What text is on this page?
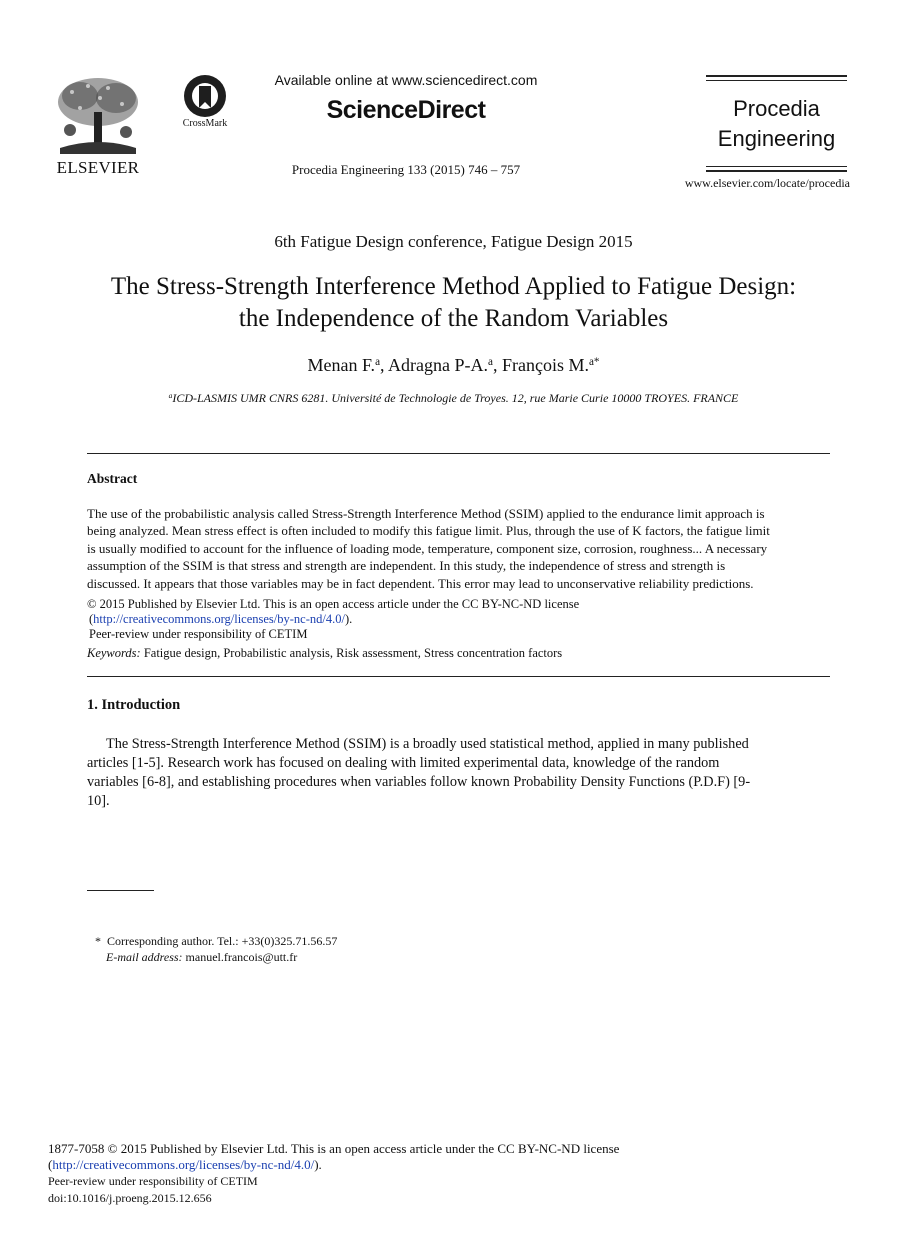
ELSEVIER
CrossMark
Available online at www.sciencedirect.com
ScienceDirect
Procedia Engineering 133 (2015) 746 – 757
Procedia
Engineering
www.elsevier.com/locate/procedia
6th Fatigue Design conference, Fatigue Design 2015
The Stress-Strength Interference Method Applied to Fatigue Design:
the Independence of the Random Variables
Menan F.$^a$, Adragna P-A.$^a$, François M.$^{a*}$
$^a$ICD-LASMIS UMR CNRS 6281. Université de Technologie de Troyes. 12, rue Marie Curie 10000 TROYES. FRANCE
Abstract
The use of the probabilistic analysis called Stress-Strength Interference Method (SSIM) applied to the endurance limit approach is
being analyzed. Mean stress effect is often included to modify this fatigue limit. Plus, through the use of K factors, the fatigue limit
is usually modified to account for the influence of loading mode, temperature, component size, corrosion, roughness... A necessary
assumption of the SSIM is that stress and strength are independent. In this study, the independence of stress and strength is
discussed. It appears that those variables may be in fact dependent. This error may lead to unconservative reliability predictions.
© 2015 Published by Elsevier Ltd. This is an open access article under the CC BY-NC-ND license
(http://creativecommons.org/licenses/by-nc-nd/4.0/).
Peer-review under responsibility of CETIM
Keywords: Fatigue design, Probabilistic analysis, Risk assessment, Stress concentration factors
1. Introduction
The Stress-Strength Interference Method (SSIM) is a broadly used statistical method, applied in many published
articles [1-5]. Research work has focused on dealing with limited experimental data, knowledge of the random
variables [6-8], and establishing procedures when variables follow known Probability Density Functions (P.D.F) [9-
10].
* Corresponding author. Tel.: +33(0)325.71.56.57
E-mail address: manuel.francois@utt.fr
1877-7058 © 2015 Published by Elsevier Ltd. This is an open access article under the CC BY-NC-ND license
(http://creativecommons.org/licenses/by-nc-nd/4.0/).
Peer-review under responsibility of CETIM
doi:10.1016/j.proeng.2015.12.656
